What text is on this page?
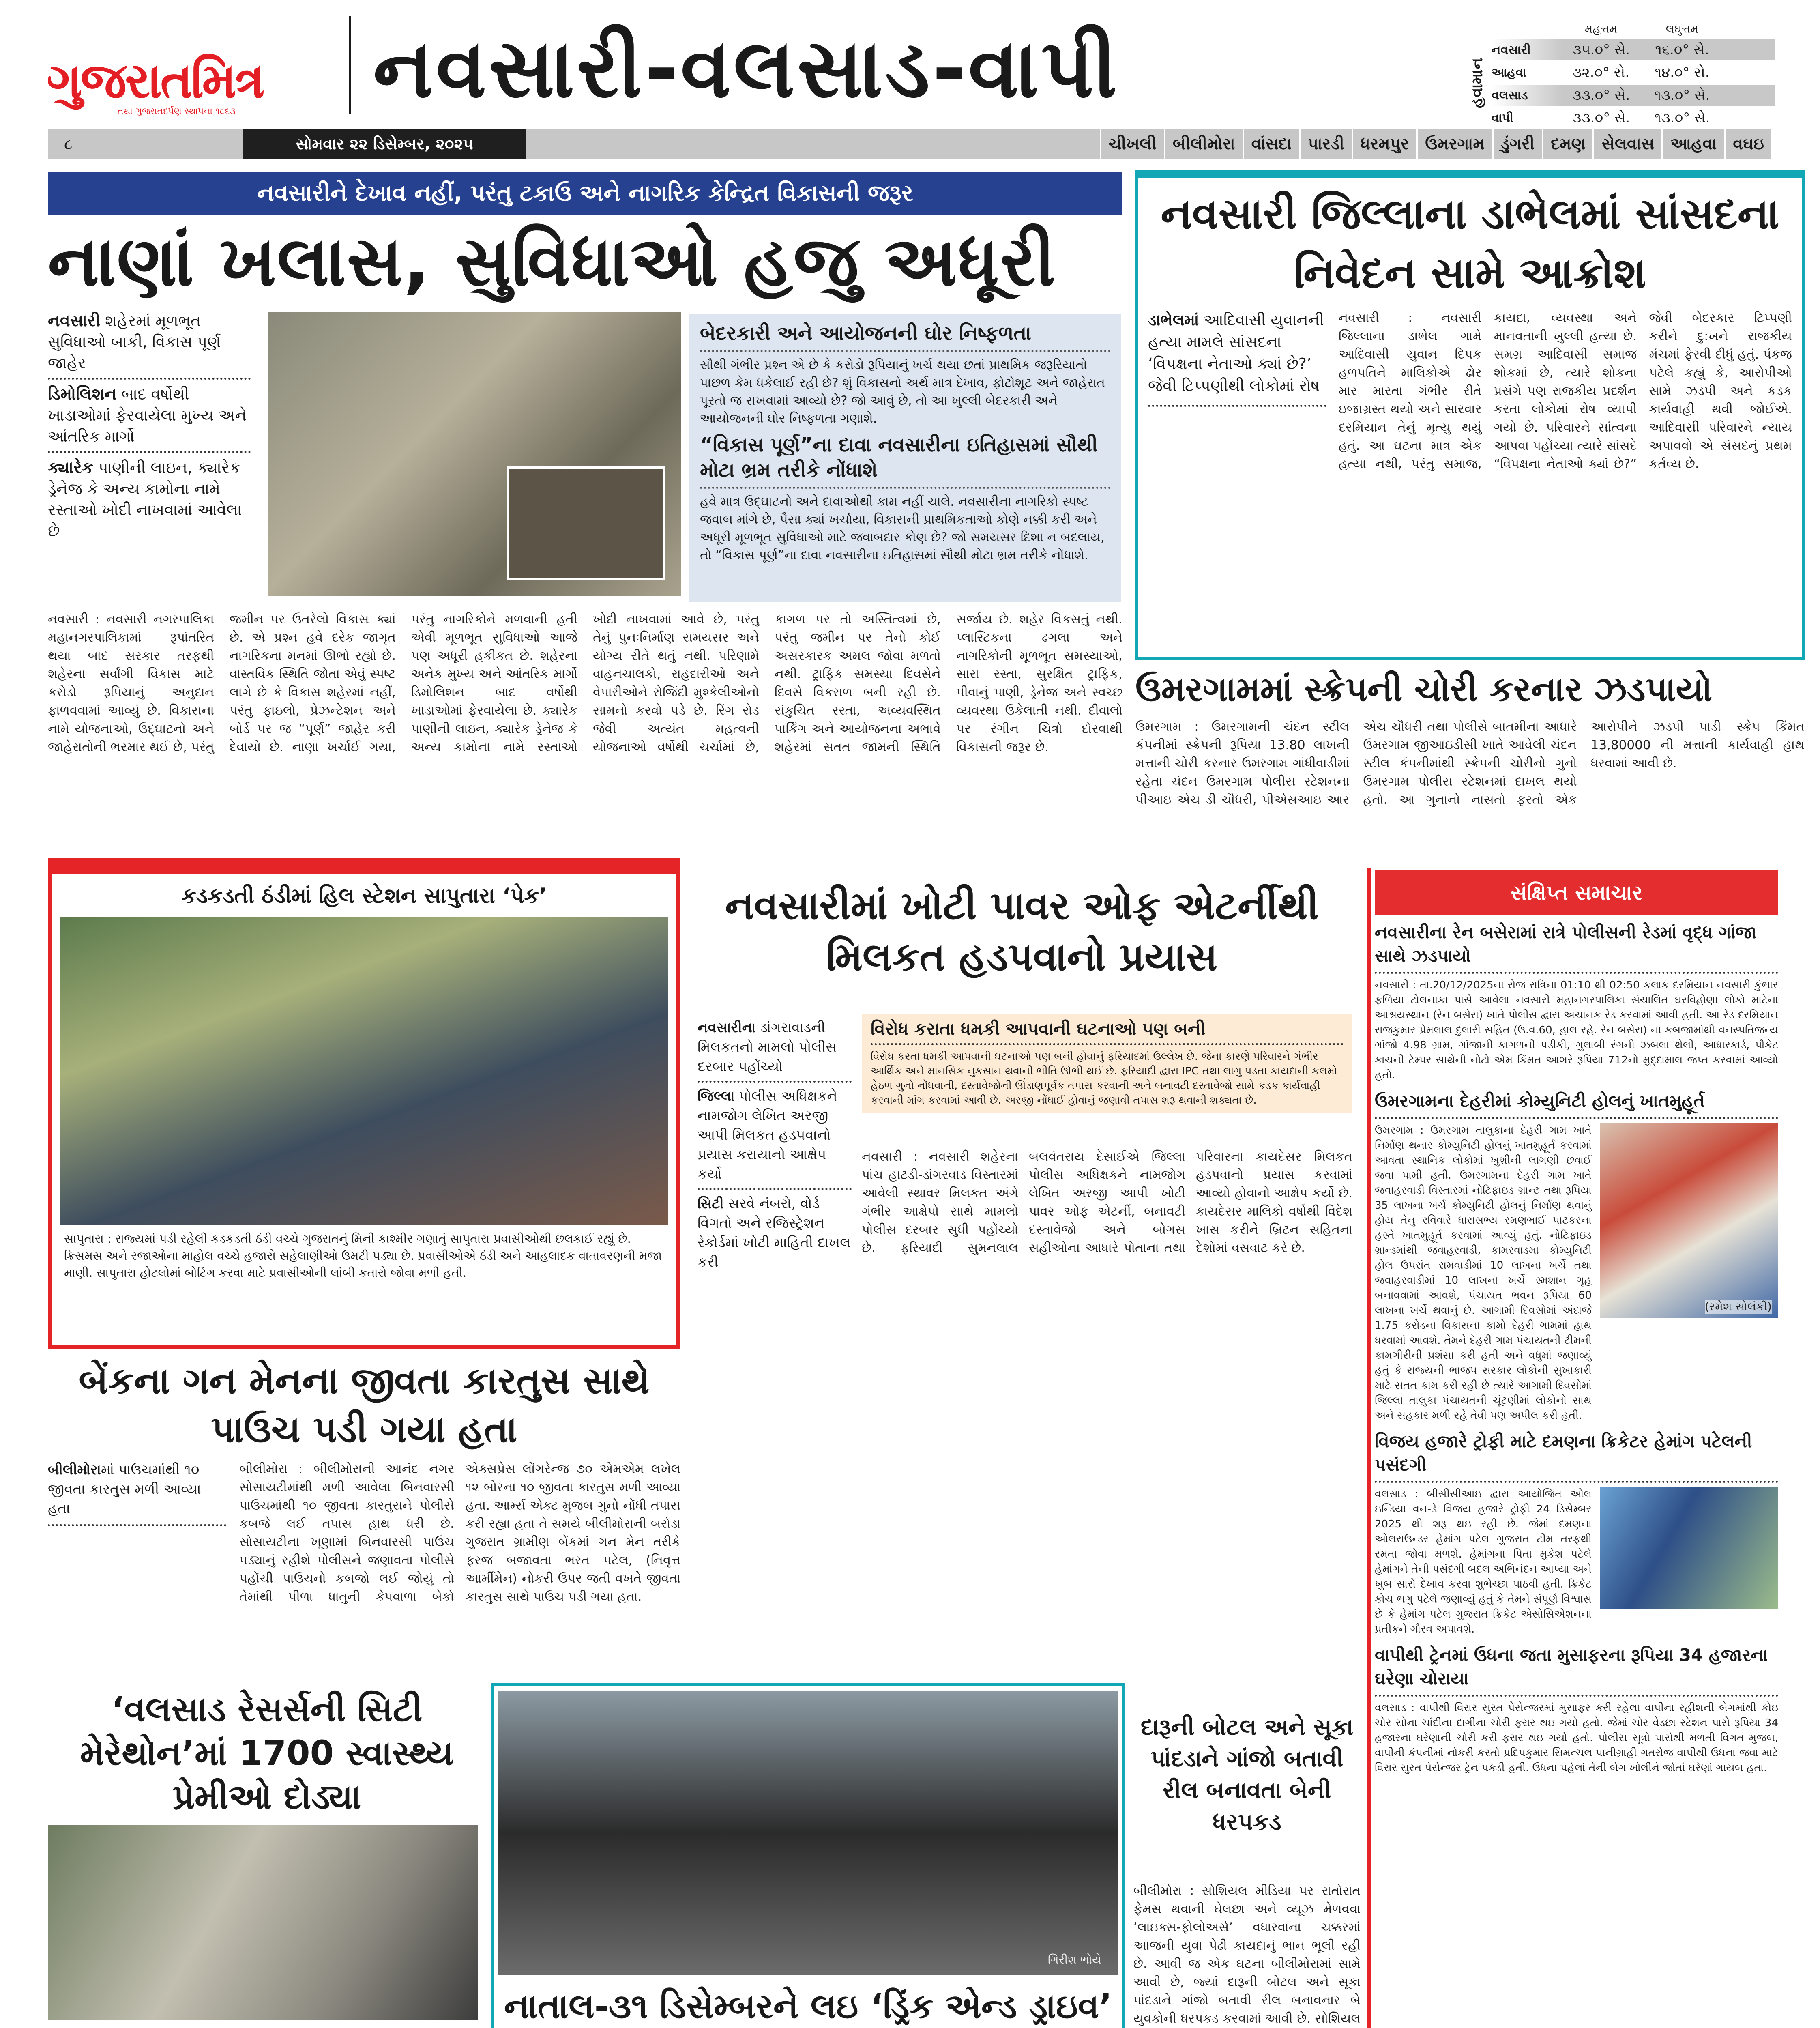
ગુજરાતમિત્ર
તથા ગુજરાતદર્પણ સ્થાપના ૧૮૬૩ નવસારી-વલસાડ-વાપી	હવામાન
મહત્તમ	લઘુત્તમ
નવસારી	૩૫.૦° સે.	૧૬.૦° સે.
આહવા	૩૨.૦° સે.	૧૪.૦° સે.
વલસાડ	૩૩.૦° સે.	૧૩.૦° સે.
વાપી	૩૩.૦° સે.	૧૩.૦° સે.
૮	સોમવાર ૨૨ ડિસેમ્બર, ૨૦૨૫	ચીખલી	બીલીમોરા	વાંસદા	પારડી	ધરમપુર	ઉમરગામ	ડુંગરી	દમણ	સેલવાસ	આહવા	વઘઇ
નવસારીને દેખાવ નહીં, પરંતુ ટકાઉ અને નાગરિક કેન્દ્રિત વિકાસની જરૂર
નાણાં ખલાસ, સુવિધાઓ હજુ અધૂરી

નવસારી શહેરમાં મૂળભૂત સુવિધાઓ બાકી, વિકાસ પૂર્ણ જાહેર

ડિમોલિશન બાદ વર્ષોથી ખાડાઓમાં ફેરવાયેલા મુખ્ય અને આંતરિક માર્ગો

ક્યારેક પાણીની લાઇન, ક્યારેક ડ્રેનેજ કે અન્ય કામોના નામે રસ્તાઓ ખોદી નાખવામાં આવેલા છે

બેદરકારી અને આયોજનની ઘોર નિષ્ફળતા

સૌથી ગંભીર પ્રશ્ન એ છે કે કરોડો રૂપિયાનું ખર્ચ થયા છતાં પ્રાથમિક જરૂરિયાતો પાછળ કેમ ધકેલાઈ રહી છે? શું વિકાસનો અર્થ માત્ર દેખાવ, ફોટોશૂટ અને જાહેરાત પૂરતો જ રાખવામાં આવ્યો છે? જો આવું છે, તો આ ખુલ્લી બેદરકારી અને આયોજનની ઘોર નિષ્ફળતા ગણાશે.

“વિકાસ પૂર્ણ”ના દાવા નવસારીના ઇતિહાસમાં સૌથી મોટા ભ્રમ તરીકે નોંધાશે

હવે માત્ર ઉદ્ઘાટનો અને દાવાઓથી કામ નહીં ચાલે. નવસારીના નાગરિકો સ્પષ્ટ જવાબ માંગે છે, પૈસા ક્યાં ખર્ચાયા, વિકાસની પ્રાથમિકતાઓ કોણે નક્કી કરી અને અધૂરી મૂળભૂત સુવિધાઓ માટે જવાબદાર કોણ છે? જો સમયસર દિશા ન બદલાય, તો “વિકાસ પૂર્ણ”ના દાવા નવસારીના ઇતિહાસમાં સૌથી મોટા ભ્રમ તરીકે નોંધાશે.

નવસારી : નવસારી નગરપાલિકા મહાનગરપાલિકામાં રૂપાંતરિત થયા બાદ સરકાર તરફથી શહેરના સર્વાંગી વિકાસ માટે કરોડો રૂપિયાનું અનુદાન ફાળવવામાં આવ્યું છે. વિકાસના નામે યોજનાઓ, ઉદ્ઘાટનો અને જાહેરાતોની ભરમાર થઈ છે, પરંતુ જમીન પર ઉતરેલો વિકાસ ક્યાં છે. એ પ્રશ્ન હવે દરેક જાગૃત નાગરિકના મનમાં ઊભો રહ્યો છે. વાસ્તવિક સ્થિતિ જોતા એવું સ્પષ્ટ લાગે છે કે વિકાસ શહેરમાં નહીં, પરંતુ ફાઇલો, પ્રેઝન્ટેશન અને બોર્ડ પર જ “પૂર્ણ” જાહેર કરી દેવાયો છે. નાણા ખર્ચાઈ ગયા, પરંતુ નાગરિકોને મળવાની હતી એવી મૂળભૂત સુવિધાઓ આજે પણ અધૂરી હકીકત છે. શહેરના અનેક મુખ્ય અને આંતરિક માર્ગો ડિમોલિશન બાદ વર્ષોથી ખાડાઓમાં ફેરવાયેલા છે. ક્યારેક પાણીની લાઇન, ક્યારેક ડ્રેનેજ કે અન્ય કામોના નામે રસ્તાઓ ખોદી નાખવામાં આવે છે, પરંતુ તેનું પુનઃનિર્માણ સમયસર અને યોગ્ય રીતે થતું નથી. પરિણામે વાહનચાલકો, રાહદારીઓ અને વેપારીઓને રોજિંદી મુશ્કેલીઓનો સામનો કરવો પડે છે. રિંગ રોડ જેવી અત્યંત મહત્વની યોજનાઓ વર્ષોથી ચર્ચામાં છે, કાગળ પર તો અસ્તિત્વમાં છે, પરંતુ જમીન પર તેનો કોઈ અસરકારક અમલ જોવા મળતો નથી. ટ્રાફિક સમસ્યા દિવસેને દિવસે વિકરાળ બની રહી છે. સંકુચિત રસ્તા, અવ્યવસ્થિત પાર્કિંગ અને આયોજનના અભાવે શહેરમાં સતત જામની સ્થિતિ સર્જાય છે. શહેર વિકસતું નથી. પ્લાસ્ટિકના ઢગલા અને નાગરિકોની મૂળભૂત સમસ્યાઓ, સારા રસ્તા, સુરક્ષિત ટ્રાફિક, પીવાનું પાણી, ડ્રેનેજ અને સ્વચ્છ વ્યવસ્થા ઉકેલાતી નથી. દીવાલો પર રંગીન ચિત્રો દોરવાથી વિકાસની જરૂર છે.
નવસારી જિલ્લાના ડાભેલમાં સાંસદના નિવેદન સામે આક્રોશ
ડાભેલમાં આદિવાસી યુવાનની હત્યા મામલે સાંસદના ‘વિપક્ષના નેતાઓ ક્યાં છે?’ જેવી ટિપ્પણીથી લોકોમાં રોષ
નવસારી : નવસારી જિલ્લાના ડાભેલ ગામે આદિવાસી યુવાન દિપક હળપતિને માલિકોએ ઢોર માર મારતા ગંભીર રીતે ઇજાગ્રસ્ત થયો અને સારવાર દરમિયાન તેનું મૃત્યુ થયું હતું. આ ઘટના માત્ર એક હત્યા નથી, પરંતુ સમાજ, કાયદા, વ્યવસ્થા અને માનવતાની ખુલ્લી હત્યા છે. સમગ્ર આદિવાસી સમાજ શોકમાં છે, ત્યારે શોકના પ્રસંગે પણ રાજકીય પ્રદર્શન કરતા લોકોમાં રોષ વ્યાપી ગયો છે. પરિવારને સાંત્વના આપવા પહોંચ્યા ત્યારે સાંસદે “વિપક્ષના નેતાઓ ક્યાં છે?” જેવી બેદરકાર ટિપ્પણી કરીને દુ:ખને રાજકીય મંચમાં ફેરવી દીધું હતું. પંકજ પટેલે કહ્યું કે, આરોપીઓ સામે ઝડપી અને કડક કાર્યવાહી થવી જોઈએ. આદિવાસી પરિવારને ન્યાય અપાવવો એ સંસદનું પ્રથમ કર્તવ્ય છે.
ઉમરગામમાં સ્ક્રેપની ચોરી કરનાર ઝડપાયો
ઉમરગામ : ઉમરગામની ચંદન સ્ટીલ કંપનીમાં સ્ક્રેપની રૂપિયા 13.80 લાખની મત્તાની ચોરી કરનાર ઉમરગામ ગાંધીવાડીમાં રહેતા ચંદન ઉમરગામ પોલીસ સ્ટેશનના પીઆઇ એચ ડી ચૌધરી, પીએસઆઇ આર એચ ચૌધરી તથા પોલીસે બાતમીના આધારે ઉમરગામ જીઆઇડીસી ખાતે આવેલી ચંદન સ્ટીલ કંપનીમાંથી સ્ક્રેપની ચોરીનો ગુનો ઉમરગામ પોલીસ સ્ટેશનમાં દાખલ થયો હતો. આ ગુનાનો નાસતો ફરતો એક આરોપીને ઝડપી પાડી સ્ક્રેપ કિંમત 13,80000 ની મત્તાની કાર્યવાહી હાથ ધરવામાં આવી છે.
કડકડતી ઠંડીમાં હિલ સ્ટેશન સાપુતારા ‘પેક’

સાપુતારા : રાજ્યમાં પડી રહેલી કડકડતી ઠંડી વચ્ચે ગુજરાતનું મિની કાશ્મીર ગણાતું સાપુતારા પ્રવાસીઓથી છલકાઈ રહ્યું છે. ક્રિસમસ અને રજાઓના માહોલ વચ્ચે હજારો સહેલાણીઓ ઉમટી પડ્યા છે. પ્રવાસીઓએ ઠંડી અને આહલાદક વાતાવરણની મજા માણી. સાપુતારા હોટલોમાં બોટિંગ કરવા માટે પ્રવાસીઓની લાંબી કતારો જોવા મળી હતી.

નવસારીમાં ખોટી પાવર ઓફ એટર્નીથી મિલકત હડપવાનો પ્રયાસ

નવસારીના ડાંગરાવાડની મિલકતનો મામલો પોલીસ દરબાર પહોંચ્યો

જિલ્લા પોલીસ અધિક્ષકને નામજોગ લેખિત અરજી આપી મિલકત હડપવાનો પ્રયાસ કરાયાનો આક્ષેપ કર્યો

સિટી સરવે નંબરો, વોર્ડ વિગતો અને રજિસ્ટ્રેશન રેકોર્ડમાં ખોટી માહિતી દાખલ કરી

વિરોધ કરાતા ધમકી આપવાની ઘટનાઓ પણ બની
વિરોધ કરતા ધમકી આપવાની ઘટનાઓ પણ બની હોવાનું ફરિયાદમાં ઉલ્લેખ છે. જેના કારણે પરિવારને ગંભીર આર્થિક અને માનસિક નુકસાન થવાની ભીતિ ઊભી થઈ છે. ફરિયાદી દ્વારા IPC તથા લાગુ પડતા કાયદાની કલમો હેઠળ ગુનો નોંધવાની, દસ્તાવેજોની ઊંડાણપૂર્વક તપાસ કરવાની અને બનાવટી દસ્તાવેજો સામે કડક કાર્યવાહી કરવાની માંગ કરવામાં આવી છે. અરજી નોંધાઈ હોવાનું જણાવી તપાસ શરૂ થવાની શક્યતા છે.
નવસારી : નવસારી શહેરના પાંચ હાટડી-ડાંગરવાડ વિસ્તારમાં આવેલી સ્થાવર મિલકત અંગે ગંભીર આક્ષેપો સાથે મામલો પોલીસ દરબાર સુધી પહોંચ્યો છે. ફરિયાદી સુમનલાલ બલવંતરાય દેસાઈએ જિલ્લા પોલીસ અધિક્ષકને નામજોગ લેખિત અરજી આપી ખોટી પાવર ઓફ એટર્ની, બનાવટી દસ્તાવેજો અને બોગસ સહીઓના આધારે પોતાના તથા પરિવારના કાયદેસર મિલકત હડપવાનો પ્રયાસ કરવામાં આવ્યો હોવાનો આક્ષેપ કર્યો છે. કાયદેસર માલિકો વર્ષોથી વિદેશ ખાસ કરીને બ્રિટન સહિતના દેશોમાં વસવાટ કરે છે.
બેંકના ગન મેનના જીવતા કારતુસ સાથે પાઉચ પડી ગયા હતા
બીલીમોરામાં પાઉચમાંથી ૧૦ જીવતા કારતુસ મળી આવ્યા હતા
બીલીમોરા : બીલીમોરાની આનંદ નગર સોસાયટીમાંથી મળી આવેલા બિનવારસી પાઉચમાંથી ૧૦ જીવતા કારતુસને પોલીસે કબજે લઈ તપાસ હાથ ધરી છે. સોસાયટીના ખૂણામાં બિનવારસી પાઉચ પડ્યાનું રહીશે પોલીસને જણાવતા પોલીસે પહોંચી પાઉચનો કબજો લઈ જોયું તો તેમાંથી પીળા ધાતુની કેપવાળા બેકો એક્સપ્રેસ લોંગરેન્જ ૭૦ એમએમ લખેલ ૧૨ બોરના ૧૦ જીવતા કારતુસ મળી આવ્યા હતા. આર્મ્સ એક્ટ મુજબ ગુનો નોંધી તપાસ કરી રહ્યા હતા તે સમયે બીલીમોરાની બરોડા ગુજરાત ગ્રામીણ બેંકમાં ગન મેન તરીકે ફરજ બજાવતા ભરત પટેલ, (નિવૃત્ત આર્મીમેન) નોકરી ઉપર જતી વખતે જીવતા કારતુસ સાથે પાઉચ પડી ગયા હતા.
‘વલસાડ રેસર્સની સિટી મેરેથોન’માં 1700 સ્વાસ્થ્ય પ્રેમીઓ દોડ્યા
ગિરીશ ભોયે
નાતાલ-૩૧ ડિસેમ્બરને લઇ ‘ડ્રિંક એન્ડ ડ્રાઇવ’
દારૂની બોટલ અને સૂકા પાંદડાને ગાંજો બતાવી રીલ બનાવતા બેની ધરપકડ
બીલીમોરા : સોશિયલ મીડિયા પર રાતોરાત ફેમસ થવાની ઘેલછા અને વ્યૂઝ મેળવવા ‘લાઇક્સ-ફોલોઅર્સ’ વધારવાના ચક્કરમાં આજની યુવા પેઢી કાયદાનું ભાન ભૂલી રહી છે. આવી જ એક ઘટના બીલીમોરામાં સામે આવી છે, જ્યાં દારૂની બોટલ અને સૂકા પાંદડાને ગાંજો બતાવી રીલ બનાવનાર બે યુવકોની ધરપકડ કરવામાં આવી છે. સોશિયલ
સંક્ષિપ્ત સમાચાર
નવસારીના રેન બસેરામાં રાત્રે પોલીસની રેડમાં વૃદ્ધ ગાંજા સાથે ઝડપાયો
નવસારી : તા.20/12/2025ના રોજ રાત્રિના 01:10 થી 02:50 કલાક દરમિયાન નવસારી કુંભાર ફળિયા ટોલનાકા પાસે આવેલા નવસારી મહાનગરપાલિકા સંચાલિત ઘરવિહોણા લોકો માટેના આશ્રયસ્થાન (રેન બસેરા) ખાતે પોલીસ દ્વારા અચાનક રેડ કરવામાં આવી હતી. આ રેડ દરમિયાન રાજકુમાર પ્રેમલાલ દુલારી સહિત (ઉ.વ.60, હાલ રહે. રેન બસેરા) ના કબજામાંથી વનસ્પતિજન્ય ગાંજો 4.98 ગ્રામ, ગાંજાની કાગળની પડીકી, ગુલાબી રંગની ઝબલા થેલી, આધારકાર્ડ, પૌકેટ કાચની ટેમ્પર સાથેની નોટો એમ કિંમત આશરે રૂપિયા 712નો મુદ્દામાલ જપ્ત કરવામાં આવ્યો હતો.
ઉમરગામના દેહરીમાં કોમ્યુનિટી હોલનું ખાતમુહૂર્ત
ઉમરગામ : ઉમરગામ તાલુકાના દેહરી ગામ ખાતે નિર્માણ થનાર કોમ્યુનિટી હોલનું ખાતમુહૂર્ત કરવામાં આવતા સ્થાનિક લોકોમાં ખુશીની લાગણી છવાઈ જવા પામી હતી. ઉમરગામના દેહરી ગામ ખાતે જવાહરવાડી વિસ્તારમાં નોટિફાઇડ ગ્રાન્ટ તથા રૂપિયા 35 લાખના ખર્ચ કોમ્યુનિટી હોલનું નિર્માણ થવાનું હોય તેનુ રવિવારે ધારાસભ્ય રમણભાઈ પાટકરના હસ્તે ખાતમુહૂર્ત કરવામાં આવ્યું હતું. નોટિફાઇડ ગ્રાન્ડમાંથી જવાહરવાડી, કામરવાડમા કોમ્યુનિટી હોલ ઉપરાંત રામવાડીમાં 10 લાખના ખર્ચે તથા જવાહરવાડીમાં 10 લાખના ખર્ચે સ્મશાન ગૃહ બનાવવામાં આવશે, પંચાયત ભવન રૂપિયા 60 લાખના ખર્ચે થવાનું છે. આગામી દિવસોમાં અંદાજે 1.75 કરોડના વિકાસના કામો દેહરી ગામમાં હાથ ધરવામાં આવશે. તેમને દેહરી ગામ પંચાયતની ટીમની કામગીરીની પ્રશંસા કરી હતી અને વધુમાં જણાવ્યું હતું કે રાજ્યની ભાજપ સરકાર લોકોની સુખાકારી માટે સતત કામ કરી રહી છે ત્યારે આગામી દિવસોમાં જિલ્લા તાલુકા પંચાયતની ચૂંટણીમાં લોકોનો સાથ અને સહકાર મળી રહે તેવી પણ અપીલ કરી હતી.
(રમેશ સોલંકી)
વિજય હજારે ટ્રોફી માટે દમણના ક્રિકેટર હેમાંગ પટેલની પસંદગી
વલસાડ : બીસીસીઆઇ દ્વારા આયોજિત ઓલ ઇન્ડિયા વન-ડે વિજય હજારે ટ્રોફી 24 ડિસેમ્બર 2025 થી શરૂ થઇ રહી છે. જેમાં દમણના ઓલરાઉન્ડર હેમાંગ પટેલ ગુજરાત ટીમ તરફથી રમતા જોવા મળશે. હેમાંગના પિતા મુકેશ પટેલે હેમાંગને તેની પસંદગી બદલ અભિનંદન આપ્યા અને ખુબ સારો દેખાવ કરવા શુભેચ્છા પાઠવી હતી. ક્રિકેટ કોચ ભગુ પટેલે જણાવ્યું હતું કે તેમને સંપૂર્ણ વિશ્વાસ છે કે હેમાંગ પટેલ ગુજરાત ક્રિકેટ એસોસિએશનના પ્રતીકને ગૌરવ અપાવશે.
વાપીથી ટ્રેનમાં ઉધના જતા મુસાફરના રૂપિયા 34 હજારના ઘરેણા ચોરાયા
વલસાડ : વાપીથી વિરાર સુરત પેસેન્જરમાં મુસાફર કરી રહેલા વાપીના રહીશની બેગમાંથી કોઇ ચોર સોના ચાંદીના દાગીના ચોરી ફરાર થઇ ગયો હતો. જેમાં ચોર વેડછા સ્ટેશન પાસે રૂપિયા 34 હજારના ઘરેણાની ચોરી કરી ફરાર થઇ ગયો હતો. પોલીસ સૂત્રો પાસેથી મળતી વિગત મુજબ, વાપીની કંપનીમાં નોકરી કરતો પ્રદિપકુમાર સિમન્ચલ પાનીગ્રાહી ગતરોજ વાપીથી ઉધના જવા માટે વિરાર સુરત પેસેન્જર ટ્રેન પકડી હતી. ઉધના પહેલાં તેની બેગ ખોલીને જોતાં ઘરેણાં ગાયબ હતા.
